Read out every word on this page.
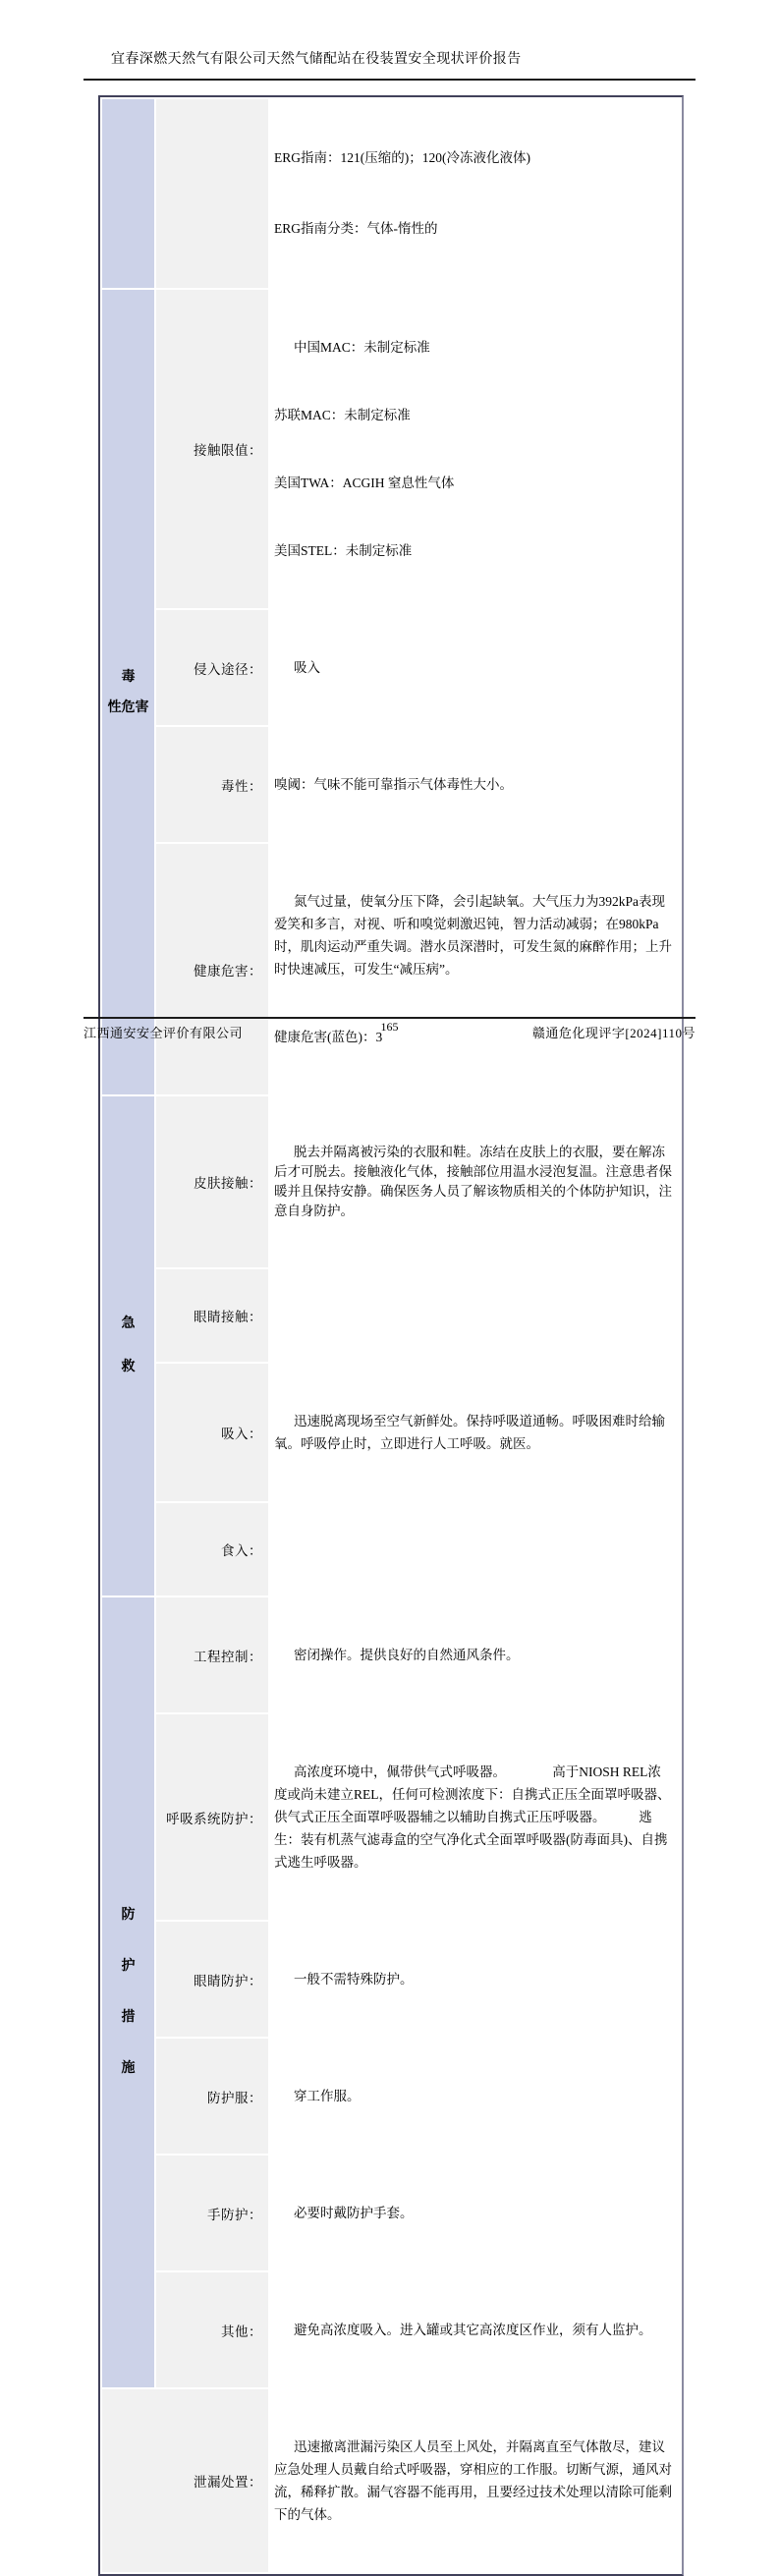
宜春深燃天然气有限公司天然气储配站在役装置安全现状评价报告

		ERG指南：121(压缩的)；120(冷冻液化液体)

ERG指南分类：气体-惰性的

毒
性危害
	接触限值：	

中国MAC：未制定标准

苏联MAC：未制定标准

美国TWA：ACGIH 窒息性气体

美国STEL：未制定标准

	侵入途径：	吸入

	毒性：	嗅阈：气味不能可靠指示气体毒性大小。

	健康危害：	氮气过量，使氧分压下降，会引起缺氧。大气压力为392kPa表现爱笑和多言，对视、听和嗅觉刺激迟钝，智力活动减弱；在980kPa时，肌肉运动严重失调。潜水员深潜时，可发生氮的麻醉作用；上升时快速减压，可发生“减压病”。

健康危害(蓝色)：3

急
救	皮肤接触：	脱去并隔离被污染的衣服和鞋。冻结在皮肤上的衣服，要在解冻后才可脱去。接触液化气体，接触部位用温水浸泡复温。注意患者保暖并且保持安静。确保医务人员了解该物质相关的个体防护知识，注意自身防护。

	眼睛接触：	

	吸入：	迅速脱离现场至空气新鲜处。保持呼吸道通畅。呼吸困难时给输氧。呼吸停止时，立即进行人工呼吸。就医。

	食入：	

防
护
措
施	工程控制：	密闭操作。提供良好的自然通风条件。

	呼吸系统防护：	高浓度环境中，佩带供气式呼吸器。　　　　高于NIOSH REL浓度或尚未建立REL，任何可检测浓度下：自携式正压全面罩呼吸器、供气式正压全面罩呼吸器辅之以辅助自携式正压呼吸器。　　　逃生：装有机蒸气滤毒盒的空气净化式全面罩呼吸器(防毒面具)、自携式逃生呼吸器。

	眼睛防护：	一般不需特殊防护。

	防护服：	穿工作服。

	手防护：	必要时戴防护手套。

	其他：	避免高浓度吸入。进入罐或其它高浓度区作业，须有人监护。

泄漏处置：		迅速撤离泄漏污染区人员至上风处，并隔离直至气体散尽，建议应急处理人员戴自给式呼吸器，穿相应的工作服。切断气源，通风对流，稀释扩散。漏气容器不能再用，且要经过技术处理以清除可能剩下的气体。

165
江西通安安全评价有限公司	赣通危化现评字[2024]110号
